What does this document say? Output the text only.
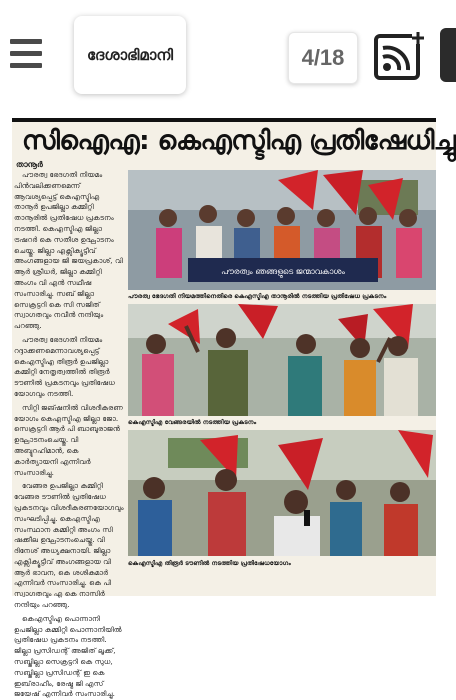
ദേശാഭിമാനി	4/18
സിഐഎ: കെഎസ്ടിഎ പ്രതിഷേധിച്ചു
താനൂർ

പൗരത്വ ഭേദഗതി നിയമം പിൻവലിക്കണമെന്ന് ആവശ്യപ്പെട്ട് കെഎസ്ടിഎ താനൂർ ഉപജില്ലാ കമ്മിറ്റി താനൂരിൽ പ്രതിഷേധ പ്രകടനം നടത്തി. കെഎസ്ടിഎ ജില്ലാ ട്രഷറർ കെ സതീശ ഉദ്ഘാടനം ചെയ്തു. ജില്ലാ എക്സിക്യൂട്ടീവ് അംഗങ്ങളായ ജി ജയപ്രകാശ്, വി ആർ ശ്രീധർ, ജില്ലാ കമ്മിറ്റി അംഗം വി എൻ സഥീഷ സംസാരിച്ചു. സബ് ജില്ലാ സെക്രട്ടറി കെ സി സജിത് സ്വാഗതവും നവീൻ നന്ദിയും പറഞ്ഞു.

പൗരത്വ ഭേദഗതി നിയമം റദ്ദാക്കണമെന്നാവശ്യപ്പെട്ട് കെഎസ്ടിഎ തിരൂർ ഉപജില്ലാ കമ്മിറ്റി നേതൃത്വത്തിൽ തിരൂർ ടൗണിൽ പ്രകടനവും പ്രതിഷേധ യോഗവും നടത്തി.

സിറ്റി ജങ്ഷനിൽ വിശദീകരണ യോഗം കെഎസ്ടിഎ ജില്ലാ ജോ. സെക്രട്ടറി ആർ പി ബാബുരാജൻ ഉദ്ഘാടനംചെയ്തു. വി അബ്ദുറഹിമാൻ, കെ കാർത്യായനി എന്നിവർ സംസാരിച്ചു.

വേങ്ങര ഉപജില്ലാ കമ്മിറ്റി വേങ്ങര ടൗണിൽ പ്രതിഷേധ പ്രകടനവും വിശദീകരണയോഗവും സംഘടിപ്പിച്ചു. കെഎസ്ടിഎ സംസ്ഥാന കമ്മിറ്റി അംഗം സി ഷക്കീല ഉദ്ഘാടനംചെയ്തു. വി ദിനേശ് അധ്യക്ഷനായി. ജില്ലാ എക്സിക്യൂട്ടീവ് അംഗങ്ങളായ വി ആർ ഭാവന, കെ ശശികുമാർ എന്നിവർ സംസാരിച്ചു. കെ പി സ്വാഗതവും എ കെ നാസിർ നന്ദിയും പറഞ്ഞു.

കെഎസ്ടിഎ പൊന്നാനി ഉപജില്ലാ കമ്മിറ്റി പൊന്നാനിയിൽ പ്രതിഷേധ പ്രകടനം നടത്തി. ജില്ലാ പ്രസിഡന്റ് അജിത് ലൂക്ക്, സബ്ജില്ലാ സെക്രട്ടറി കെ സുധ, സബ്ജില്ലാ പ്രസിഡന്റ് ഇ കെ ഇബ്‌രാഹീം, രേഷ്മ ജി എസ് ജയേഷ് എന്നിവർ സംസാരിച്ചു.

പൗരത്വം ഞങ്ങളുടെ ജന്മാവകാശം
പൗരത്വ ഭേദഗതി നിയമത്തിനെതിരെ കെഎസ്ടിഎ താനൂരിൽ നടത്തിയ പ്രതിഷേധ പ്രകടനം
കെഎസ്ടിഎ വേങ്ങരയിൽ നടത്തിയ പ്രകടനം
കെഎസ്ടിഎ തിരൂർ ടൗണിൽ നടത്തിയ പ്രതിഷേധയോഗം
